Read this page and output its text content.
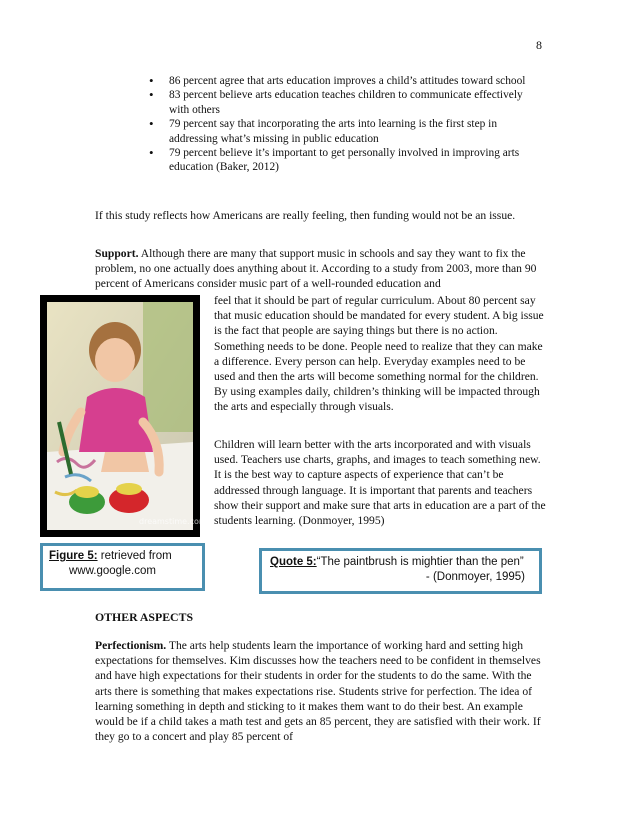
8
• 86 percent agree that arts education improves a child’s attitudes toward school
• 83 percent believe arts education teaches children to communicate effectively with others
• 79 percent say that incorporating the arts into learning is the first step in addressing what’s missing in public education
• 79 percent believe it’s important to get personally involved in improving arts education (Baker, 2012)

If this study reflects how Americans are really feeling, then funding would not be an issue.

Support. Although there are many that support music in schools and say they want to fix the problem, no one actually does anything about it. According to a study from 2003, more than 90 percent of Americans consider music part of a well-rounded education and

feel that it should be part of regular curriculum. About 80 percent say that music education should be mandated for every student. A big issue is the fact that people are saying things but there is no action. Something needs to be done. People need to realize that they can make a difference. Every person can help. Everyday examples need to be used and then the arts will become something normal for the children. By using examples daily, children’s thinking will be impacted through the arts and especially through visuals.

Children will learn better with the arts incorporated and with visuals used. Teachers use charts, graphs, and images to teach something new. It is the best way to capture aspects of experience that can’t be addressed through language. It is important that parents and teachers show their support and make sure that arts in education are a part of the students learning. (Donmoyer, 1995)

dreamstime.com
Figure 5: retrieved from
www.google.com
Quote 5:“The paintbrush is mightier than the pen”
- (Donmoyer, 1995)

OTHER ASPECTS

Perfectionism. The arts help students learn the importance of working hard and setting high expectations for themselves. Kim discusses how the teachers need to be confident in themselves and have high expectations for their students in order for the students to do the same. With the arts there is something that makes expectations rise. Students strive for perfection. The idea of learning something in depth and sticking to it makes them want to do their best. An example would be if a child takes a math test and gets an 85 percent, they are satisfied with their work. If they go to a concert and play 85 percent of
